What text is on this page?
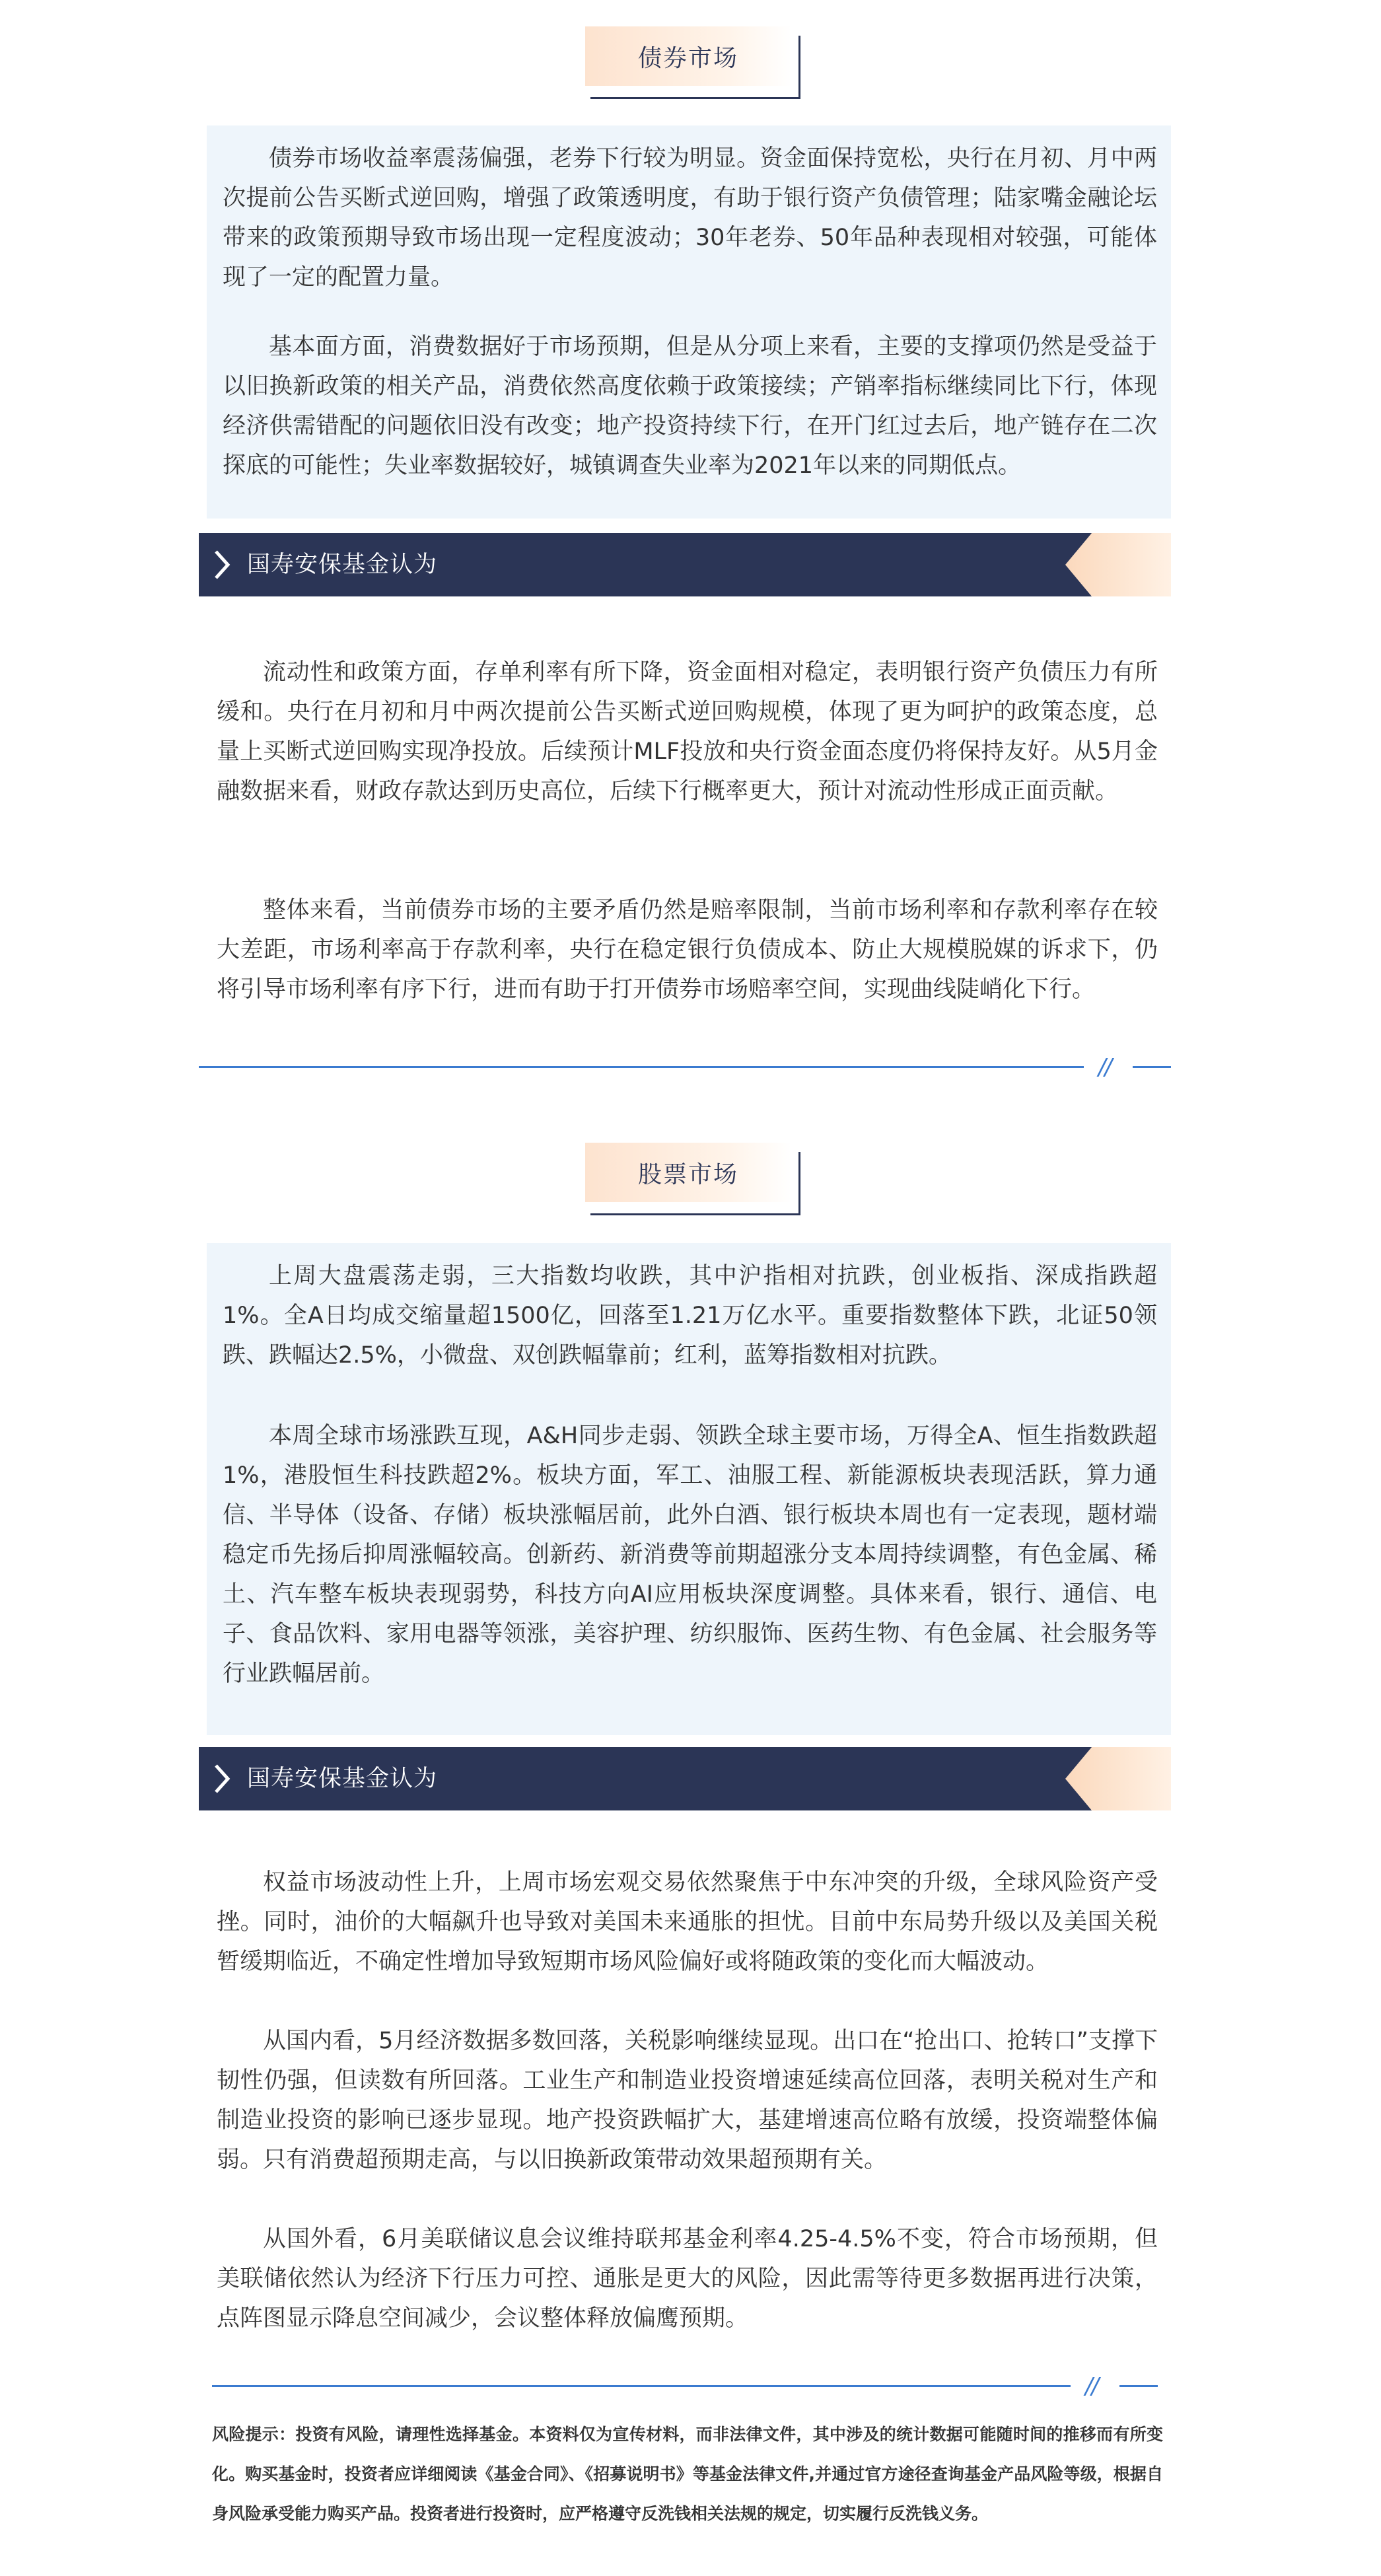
债券市场

债券市场收益率震荡偏强，老券下行较为明显。资金面保持宽松，央行在月初、月中两次提前公告买断式逆回购，增强了政策透明度，有助于银行资产负债管理；陆家嘴金融论坛带来的政策预期导致市场出现一定程度波动；30年老券、50年品种表现相对较强，可能体现了一定的配置力量。

基本面方面，消费数据好于市场预期，但是从分项上来看，主要的支撑项仍然是受益于以旧换新政策的相关产品，消费依然高度依赖于政策接续；产销率指标继续同比下行，体现经济供需错配的问题依旧没有改变；地产投资持续下行，在开门红过去后，地产链存在二次探底的可能性；失业率数据较好，城镇调查失业率为2021年以来的同期低点。

国寿安保基金认为

流动性和政策方面，存单利率有所下降，资金面相对稳定，表明银行资产负债压力有所缓和。央行在月初和月中两次提前公告买断式逆回购规模，体现了更为呵护的政策态度，总量上买断式逆回购实现净投放。后续预计MLF投放和央行资金面态度仍将保持友好。从5月金融数据来看，财政存款达到历史高位，后续下行概率更大，预计对流动性形成正面贡献。

整体来看，当前债券市场的主要矛盾仍然是赔率限制，当前市场利率和存款利率存在较大差距，市场利率高于存款利率，央行在稳定银行负债成本、防止大规模脱媒的诉求下，仍将引导市场利率有序下行，进而有助于打开债券市场赔率空间，实现曲线陡峭化下行。

//
股票市场

上周大盘震荡走弱，三大指数均收跌，其中沪指相对抗跌，创业板指、深成指跌超1%。全A日均成交缩量超1500亿，回落至1.21万亿水平。重要指数整体下跌，北证50领跌、跌幅达2.5%，小微盘、双创跌幅靠前；红利，蓝筹指数相对抗跌。

本周全球市场涨跌互现，A&H同步走弱、领跌全球主要市场，万得全A、恒生指数跌超1%，港股恒生科技跌超2%。板块方面，军工、油服工程、新能源板块表现活跃，算力通信、半导体（设备、存储）板块涨幅居前，此外白酒、银行板块本周也有一定表现，题材端稳定币先扬后抑周涨幅较高。创新药、新消费等前期超涨分支本周持续调整，有色金属、稀土、汽车整车板块表现弱势，科技方向AI应用板块深度调整。具体来看，银行、通信、电子、食品饮料、家用电器等领涨，美容护理、纺织服饰、医药生物、有色金属、社会服务等行业跌幅居前。

国寿安保基金认为

权益市场波动性上升，上周市场宏观交易依然聚焦于中东冲突的升级，全球风险资产受挫。同时，油价的大幅飙升也导致对美国未来通胀的担忧。目前中东局势升级以及美国关税暂缓期临近，不确定性增加导致短期市场风险偏好或将随政策的变化而大幅波动。

从国内看，5月经济数据多数回落，关税影响继续显现。出口在“抢出口、抢转口”支撑下韧性仍强，但读数有所回落。工业生产和制造业投资增速延续高位回落，表明关税对生产和制造业投资的影响已逐步显现。地产投资跌幅扩大，基建增速高位略有放缓，投资端整体偏弱。只有消费超预期走高，与以旧换新政策带动效果超预期有关。

从国外看，6月美联储议息会议维持联邦基金利率4.25-4.5%不变，符合市场预期，但美联储依然认为经济下行压力可控、通胀是更大的风险，因此需等待更多数据再进行决策，点阵图显示降息空间减少，会议整体释放偏鹰预期。

//

风险提示：投资有风险，请理性选择基金。本资料仅为宣传材料，而非法律文件，其中涉及的统计数据可能随时间的推移而有所变化。购买基金时，投资者应详细阅读《基金合同》、《招募说明书》等基金法律文件,并通过官方途径查询基金产品风险等级，根据自身风险承受能力购买产品。投资者进行投资时，应严格遵守反洗钱相关法规的规定，切实履行反洗钱义务。
